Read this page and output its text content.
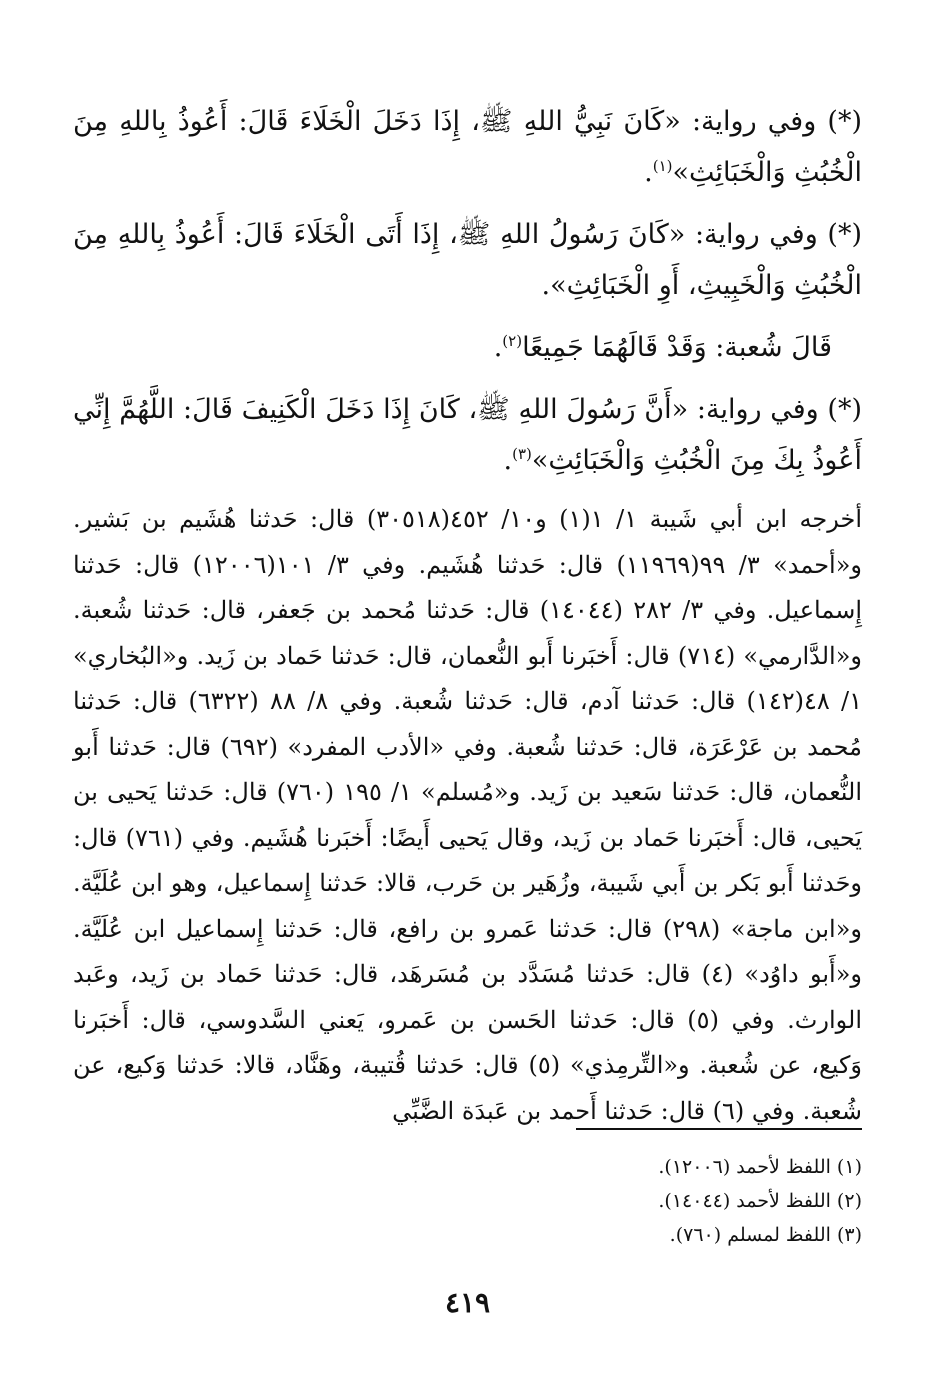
(*) وفي رواية: «كَانَ نَبِيُّ اللهِ ﷺ، إِذَا دَخَلَ الْخَلَاءَ قَالَ: أَعُوذُ بِاللهِ مِنَ الْخُبُثِ وَالْخَبَائِثِ»$^{(١)}$.

(*) وفي رواية: «كَانَ رَسُولُ اللهِ ﷺ، إِذَا أَتَى الْخَلَاءَ قَالَ: أَعُوذُ بِاللهِ مِنَ الْخُبُثِ وَالْخَبِيثِ، أَوِ الْخَبَائِثِ».

قَالَ شُعبة: وَقَدْ قَالَهُمَا جَمِيعًا$^{(٢)}$.

(*) وفي رواية: «أَنَّ رَسُولَ اللهِ ﷺ، كَانَ إِذَا دَخَلَ الْكَنِيفَ قَالَ: اللَّهُمَّ إِنِّي أَعُوذُ بِكَ مِنَ الْخُبُثِ وَالْخَبَائِثِ»$^{(٣)}$.

أخرجه ابن أبي شَيبة ١/ ١(١) و١٠/ ٤٥٢(٣٠٥١٨) قال: حَدثنا هُشَيم بن بَشير. و«أحمد» ٣/ ٩٩(١١٩٦٩) قال: حَدثنا هُشَيم. وفي ٣/ ١٠١(١٢٠٠٦) قال: حَدثنا إِسماعيل. وفي ٣/ ٢٨٢ (١٤٠٤٤) قال: حَدثنا مُحمد بن جَعفر، قال: حَدثنا شُعبة. و«الدَّارمي» (٧١٤) قال: أَخبَرنا أَبو النُّعمان، قال: حَدثنا حَماد بن زَيد. و«البُخاري» ١/ ٤٨(١٤٢) قال: حَدثنا آدم، قال: حَدثنا شُعبة. وفي ٨/ ٨٨ (٦٣٢٢) قال: حَدثنا مُحمد بن عَرْعَرَة، قال: حَدثنا شُعبة. وفي «الأدب المفرد» (٦٩٢) قال: حَدثنا أَبو النُّعمان، قال: حَدثنا سَعيد بن زَيد. و«مُسلم» ١/ ١٩٥ (٧٦٠) قال: حَدثنا يَحيى بن يَحيى، قال: أَخبَرنا حَماد بن زَيد، وقال يَحيى أَيضًا: أَخبَرنا هُشَيم. وفي (٧٦١) قال: وحَدثنا أَبو بَكر بن أَبي شَيبة، وزُهَير بن حَرب، قالا: حَدثنا إِسماعيل، وهو ابن عُلَيَّة. و«ابن ماجة» (٢٩٨) قال: حَدثنا عَمرو بن رافع، قال: حَدثنا إِسماعيل ابن عُلَيَّة. و«أَبو داوُد» (٤) قال: حَدثنا مُسَدَّد بن مُسَرهَد، قال: حَدثنا حَماد بن زَيد، وعَبد الوارث. وفي (٥) قال: حَدثنا الحَسن بن عَمرو، يَعني السَّدوسي، قال: أَخبَرنا وَكيع، عن شُعبة. و«التِّرمِذي» (٥) قال: حَدثنا قُتيبة، وهَنَّاد، قالا: حَدثنا وَكيع، عن شُعبة. وفي (٦) قال: حَدثنا أَحمد بن عَبدَة الضَّبِّي

(١) اللفظ لأحمد (١٢٠٠٦).

(٢) اللفظ لأحمد (١٤٠٤٤).

(٣) اللفظ لمسلم (٧٦٠).

٤١٩
